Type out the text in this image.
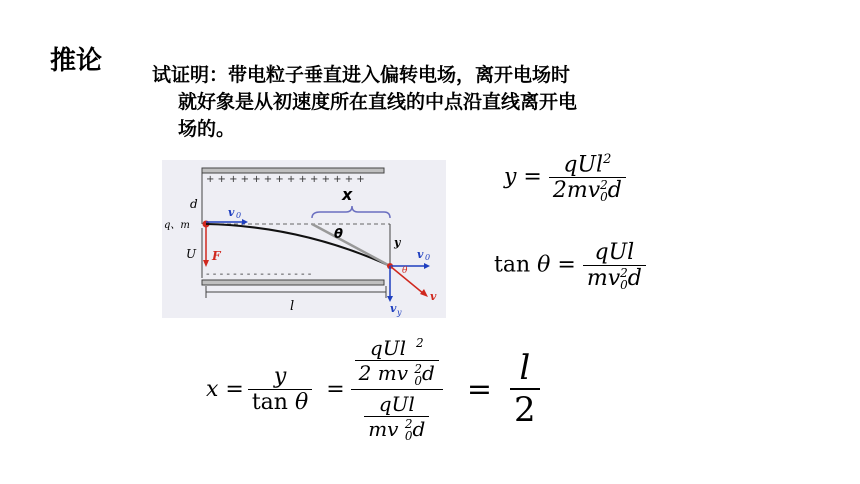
推论	试证明：带电粒子垂直进入偏转电场，离开电场时
就好象是从初速度所在直线的中点沿直线离开电
场的。
+ + + + + + + + + + + + + +
- - - - - - - - - - - - - - - -
d
U
q、m
v 0
F
x
θ
y
v 0
θ
v
v y
l
y = qUl$^2$
2mv 2
0 d
tan θ = qUl
mv 2
0 d
$x = \frac{y}{\text{tan θ}}$ = qUl $^2$
2 mv 2
0 d
qUl
mv 2
0 $d = \frac{l}{2}$
